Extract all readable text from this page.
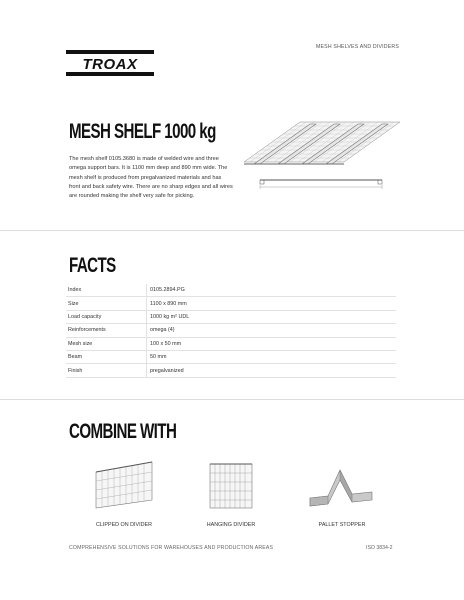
TROAX
MESH SHELVES AND DIVIDERS
MESH SHELF 1000 kg
The mesh shelf 0105.3680 is made of welded wire and three omega support bars. It is 1100 mm deep and 890 mm wide. The mesh shelf is produced from pregalvanized materials and has front and back safety wire. There are no sharp edges and all wires are rounded making the shelf very safe for picking.
FACTS
Index	0105.2894.PG
Size	1100 x 890 mm
Load capacity	1000 kg m² UDL
Reinforcements	omega (4)
Mesh size	100 x 50 mm
Beam	50 mm
Finish	pregalvanized
COMBINE WITH
CLIPPED ON DIVIDER	HANGING DIVIDER	PALLET STOPPER
COMPREHENSIVE SOLUTIONS FOR WAREHOUSES AND PRODUCTION AREAS	ISO 3834-2
